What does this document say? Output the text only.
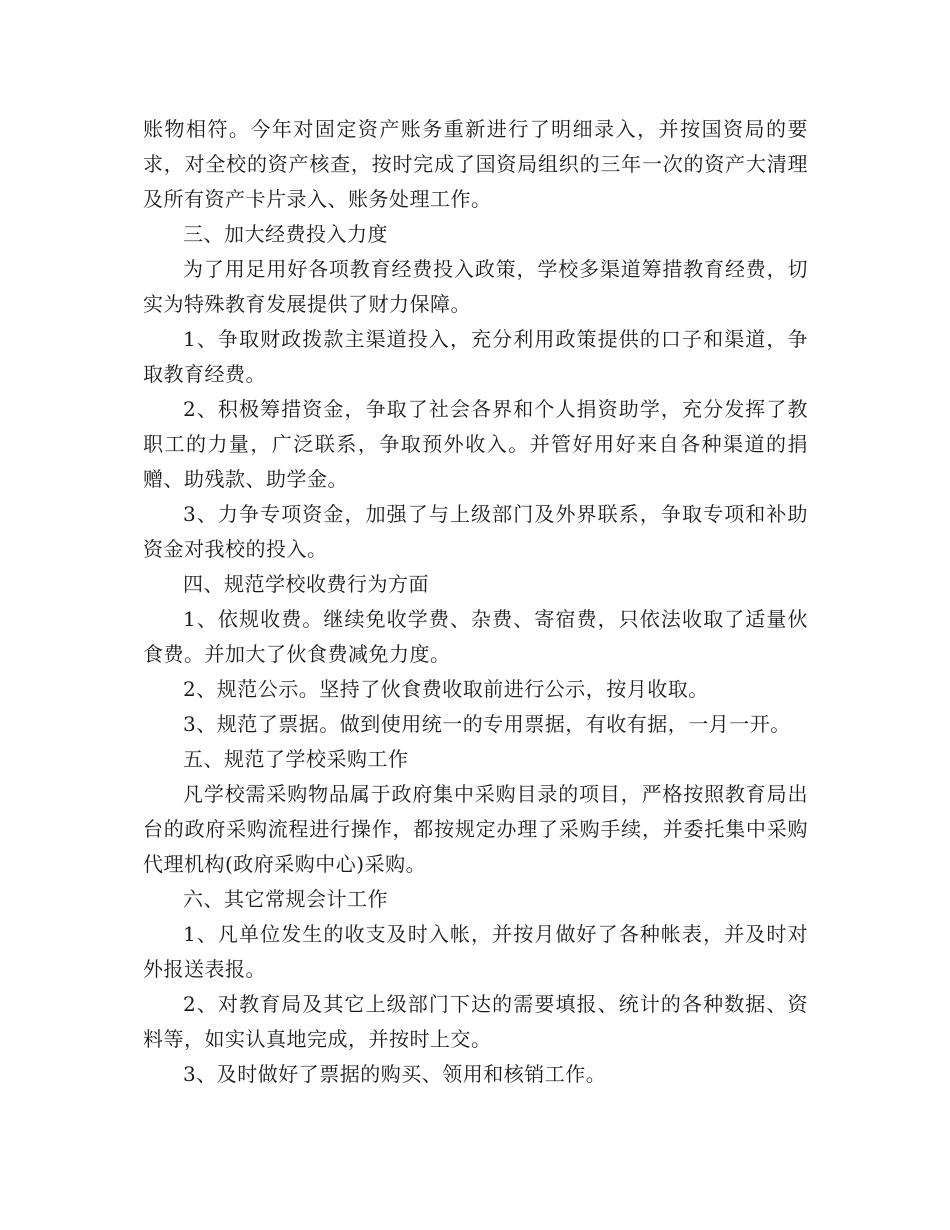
账物相符。今年对固定资产账务重新进行了明细录入，并按国资局的要求，对全校的资产核查，按时完成了国资局组织的三年一次的资产大清理及所有资产卡片录入、账务处理工作。

三、加大经费投入力度

为了用足用好各项教育经费投入政策，学校多渠道筹措教育经费，切实为特殊教育发展提供了财力保障。

1、争取财政拨款主渠道投入，充分利用政策提供的口子和渠道，争取教育经费。

2、积极筹措资金，争取了社会各界和个人捐资助学，充分发挥了教职工的力量，广泛联系，争取预外收入。并管好用好来自各种渠道的捐赠、助残款、助学金。

3、力争专项资金，加强了与上级部门及外界联系，争取专项和补助资金对我校的投入。

四、规范学校收费行为方面

1、依规收费。继续免收学费、杂费、寄宿费，只依法收取了适量伙食费。并加大了伙食费减免力度。

2、规范公示。坚持了伙食费收取前进行公示，按月收取。

3、规范了票据。做到使用统一的专用票据，有收有据，一月一开。

五、规范了学校采购工作

凡学校需采购物品属于政府集中采购目录的项目，严格按照教育局出台的政府采购流程进行操作，都按规定办理了采购手续，并委托集中采购代理机构(政府采购中心)采购。

六、其它常规会计工作

1、凡单位发生的收支及时入帐，并按月做好了各种帐表，并及时对外报送表报。

2、对教育局及其它上级部门下达的需要填报、统计的各种数据、资料等，如实认真地完成，并按时上交。

3、及时做好了票据的购买、领用和核销工作。
